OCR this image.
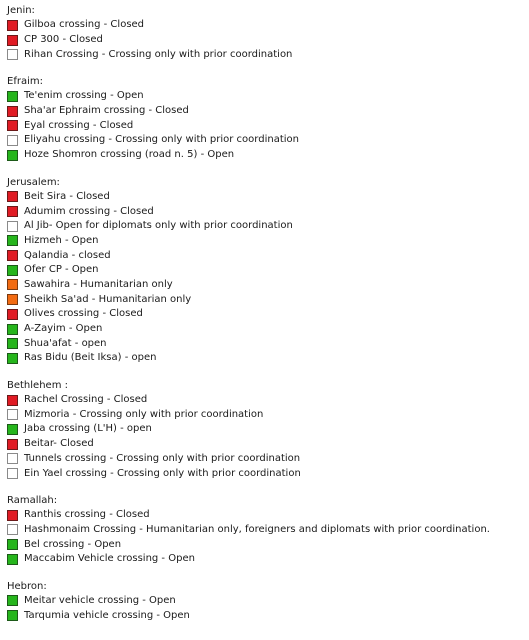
Jenin:
Gilboa crossing - Closed
CP 300 - Closed
Rihan Crossing - Crossing only with prior coordination
Efraim:
Te'enim crossing - Open
Sha'ar Ephraim crossing - Closed
Eyal crossing - Closed
Eliyahu crossing - Crossing only with prior coordination
Hoze Shomron crossing (road n. 5) - Open
Jerusalem:
Beit Sira - Closed
Adumim crossing - Closed
Al Jib- Open for diplomats only with prior coordination
Hizmeh - Open
Qalandia - closed
Ofer CP - Open
Sawahira - Humanitarian only
Sheikh Sa'ad - Humanitarian only
Olives crossing - Closed
A-Zayim - Open
Shua'afat - open
Ras Bidu (Beit Iksa) - open
Bethlehem :
Rachel Crossing - Closed
Mizmoria - Crossing only with prior coordination
Jaba crossing (L'H) - open
Beitar- Closed
Tunnels crossing - Crossing only with prior coordination
Ein Yael crossing - Crossing only with prior coordination
Ramallah:
Ranthis crossing - Closed
Hashmonaim Crossing - Humanitarian only, foreigners and diplomats with prior coordination.
Bel crossing - Open
Maccabim Vehicle crossing - Open
Hebron:
Meitar vehicle crossing - Open
Tarqumia vehicle crossing - Open
